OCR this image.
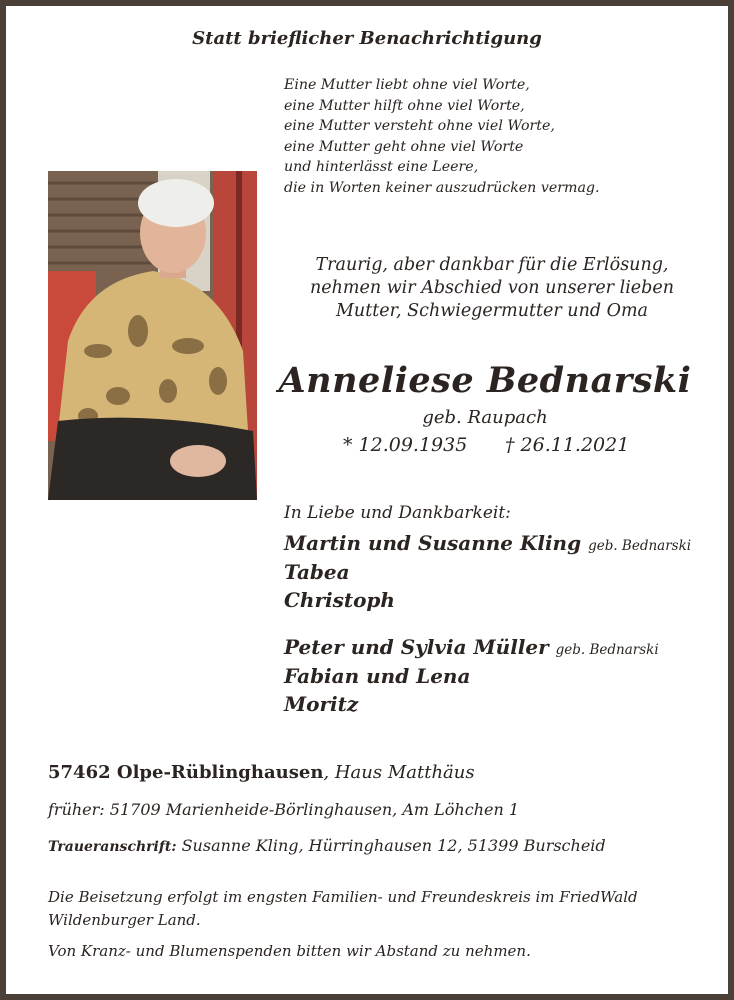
Statt brieflicher Benachrichtigung
Eine Mutter liebt ohne viel Worte,
eine Mutter hilft ohne viel Worte,
eine Mutter versteht ohne viel Worte,
eine Mutter geht ohne viel Worte
und hinterlässt eine Leere,
die in Worten keiner auszudrücken vermag.
Traurig, aber dankbar für die Erlösung,
nehmen wir Abschied von unserer lieben
Mutter, Schwiegermutter und Oma
Anneliese Bednarski
geb. Raupach
* 12.09.1935 † 26.11.2021
In Liebe und Dankbarkeit:
Martin und Susanne Kling geb. Bednarski
Tabea
Christoph
Peter und Sylvia Müller geb. Bednarski
Fabian und Lena
Moritz
57462 Olpe-Rüblinghausen, Haus Matthäus
früher: 51709 Marienheide-Börlinghausen, Am Löhchen 1
Traueranschrift: Susanne Kling, Hürringhausen 12, 51399 Burscheid
Die Beisetzung erfolgt im engsten Familien- und Freundeskreis im FriedWald Wildenburger Land.
Von Kranz- und Blumenspenden bitten wir Abstand zu nehmen.
